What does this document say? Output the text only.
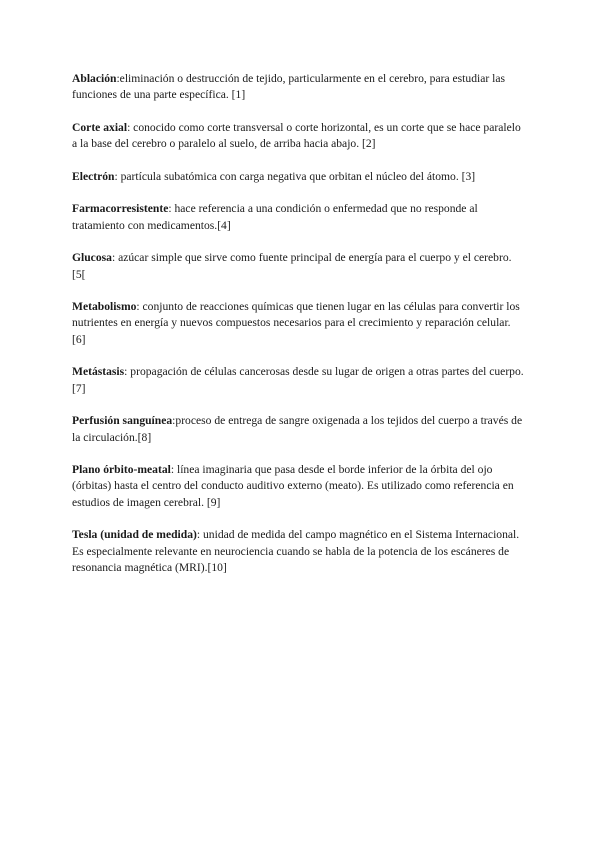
Ablación:eliminación o destrucción de tejido, particularmente en el cerebro, para estudiar las funciones de una parte específica. [1]

Corte axial: conocido como corte transversal o corte horizontal, es un corte que se hace paralelo a la base del cerebro o paralelo al suelo, de arriba hacia abajo. [2]

Electrón: partícula subatómica con carga negativa que orbitan el núcleo del átomo. [3]

Farmacorresistente: hace referencia a una condición o enfermedad que no responde al tratamiento con medicamentos.[4]

Glucosa: azúcar simple que sirve como fuente principal de energía para el cuerpo y el cerebro.[5[

Metabolismo: conjunto de reacciones químicas que tienen lugar en las células para convertir los nutrientes en energía y nuevos compuestos necesarios para el crecimiento y reparación celular.[6]

Metástasis: propagación de células cancerosas desde su lugar de origen a otras partes del cuerpo.[7]

Perfusión sanguínea:proceso de entrega de sangre oxigenada a los tejidos del cuerpo a través de la circulación.[8]

Plano órbito-meatal: línea imaginaria que pasa desde el borde inferior de la órbita del ojo (órbitas) hasta el centro del conducto auditivo externo (meato). Es utilizado como referencia en estudios de imagen cerebral. [9]

Tesla (unidad de medida): unidad de medida del campo magnético en el Sistema Internacional. Es especialmente relevante en neurociencia cuando se habla de la potencia de los escáneres de resonancia magnética (MRI).[10]
